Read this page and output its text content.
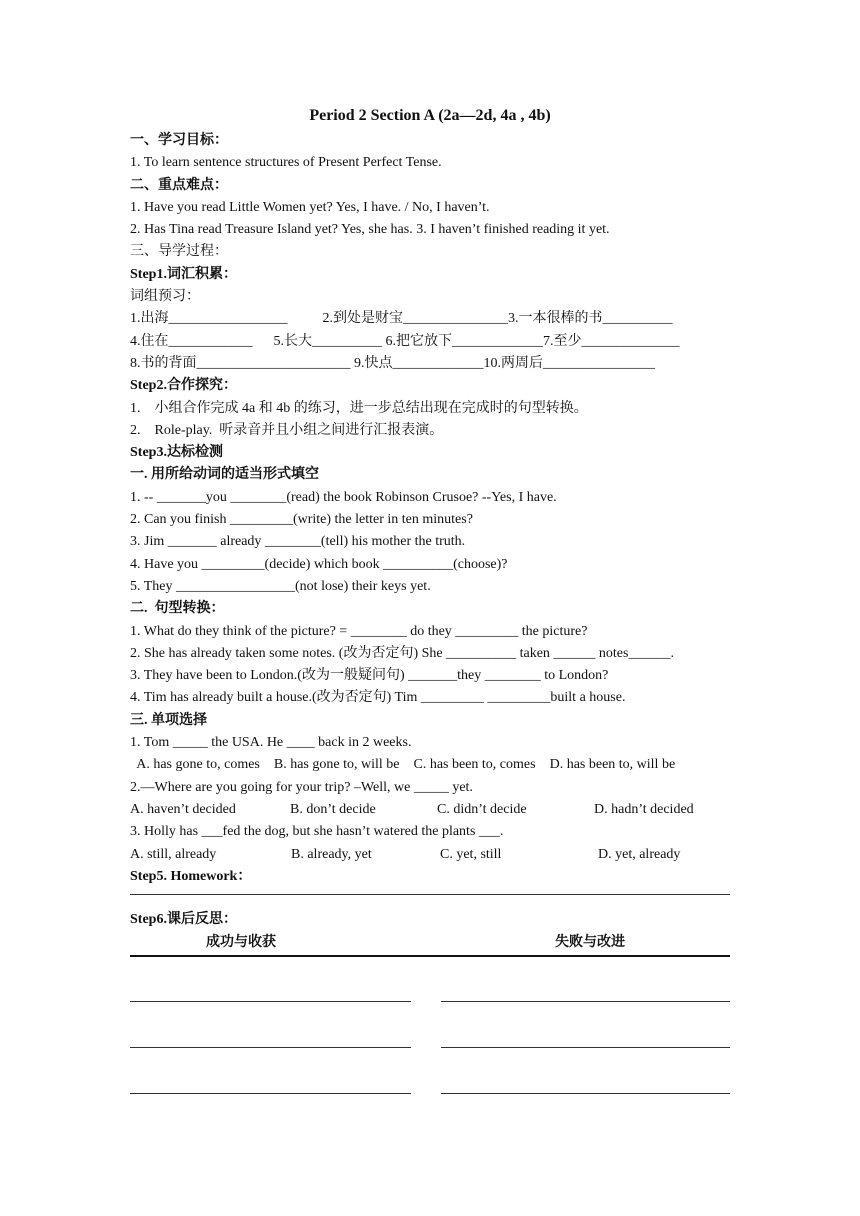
Period 2 Section A (2a—2d, 4a , 4b)
一、学习目标：
1. To learn sentence structures of Present Perfect Tense.
二、重点难点：
1. Have you read Little Women yet? Yes, I have. / No, I haven’t.
2. Has Tina read Treasure Island yet? Yes, she has. 3. I haven’t finished reading it yet.
三、导学过程：
Step1.词汇积累：
词组预习：
1.出海_________________          2.到处是财宝_______________3.一本很棒的书__________
4.住在____________      5.长大__________ 6.把它放下_____________7.至少______________
8.书的背面______________________ 9.快点_____________10.两周后________________
Step2.合作探究：
1.    小组合作完成 4a 和 4b 的练习，进一步总结出现在完成时的句型转换。
2.    Role-play.  听录音并且小组之间进行汇报表演。
Step3.达标检测
一. 用所给动词的适当形式填空
1. -- _______you ________(read) the book Robinson Crusoe? --Yes, I have.
2. Can you finish _________(write) the letter in ten minutes?
3. Jim _______ already ________(tell) his mother the truth.
4. Have you _________(decide) which book __________(choose)?
5. They _________________(not lose) their keys yet.
二.  句型转换：
1. What do they think of the picture? = ________ do they _________ the picture?
2. She has already taken some notes. (改为否定句) She __________ taken ______ notes______.
3. They have been to London.(改为一般疑问句) _______they ________ to London?
4. Tim has already built a house.(改为否定句) Tim _________ _________built a house.
三. 单项选择
1. Tom _____ the USA. He ____ back in 2 weeks.
A. has gone to, comes B. has gone to, will be C. has been to, comes D. has been to, will be
2.—Where are you going for your trip? –Well, we _____ yet.
A. haven’t decided	B. don’t decide	C. didn’t decide	D. hadn’t decided
3. Holly has ___fed the dog, but she hasn’t watered the plants ___.
A. still, already	B. already, yet	C. yet, still	D. yet, already
Step5. Homework：
Step6.课后反思：
成功与收获	失败与改进
